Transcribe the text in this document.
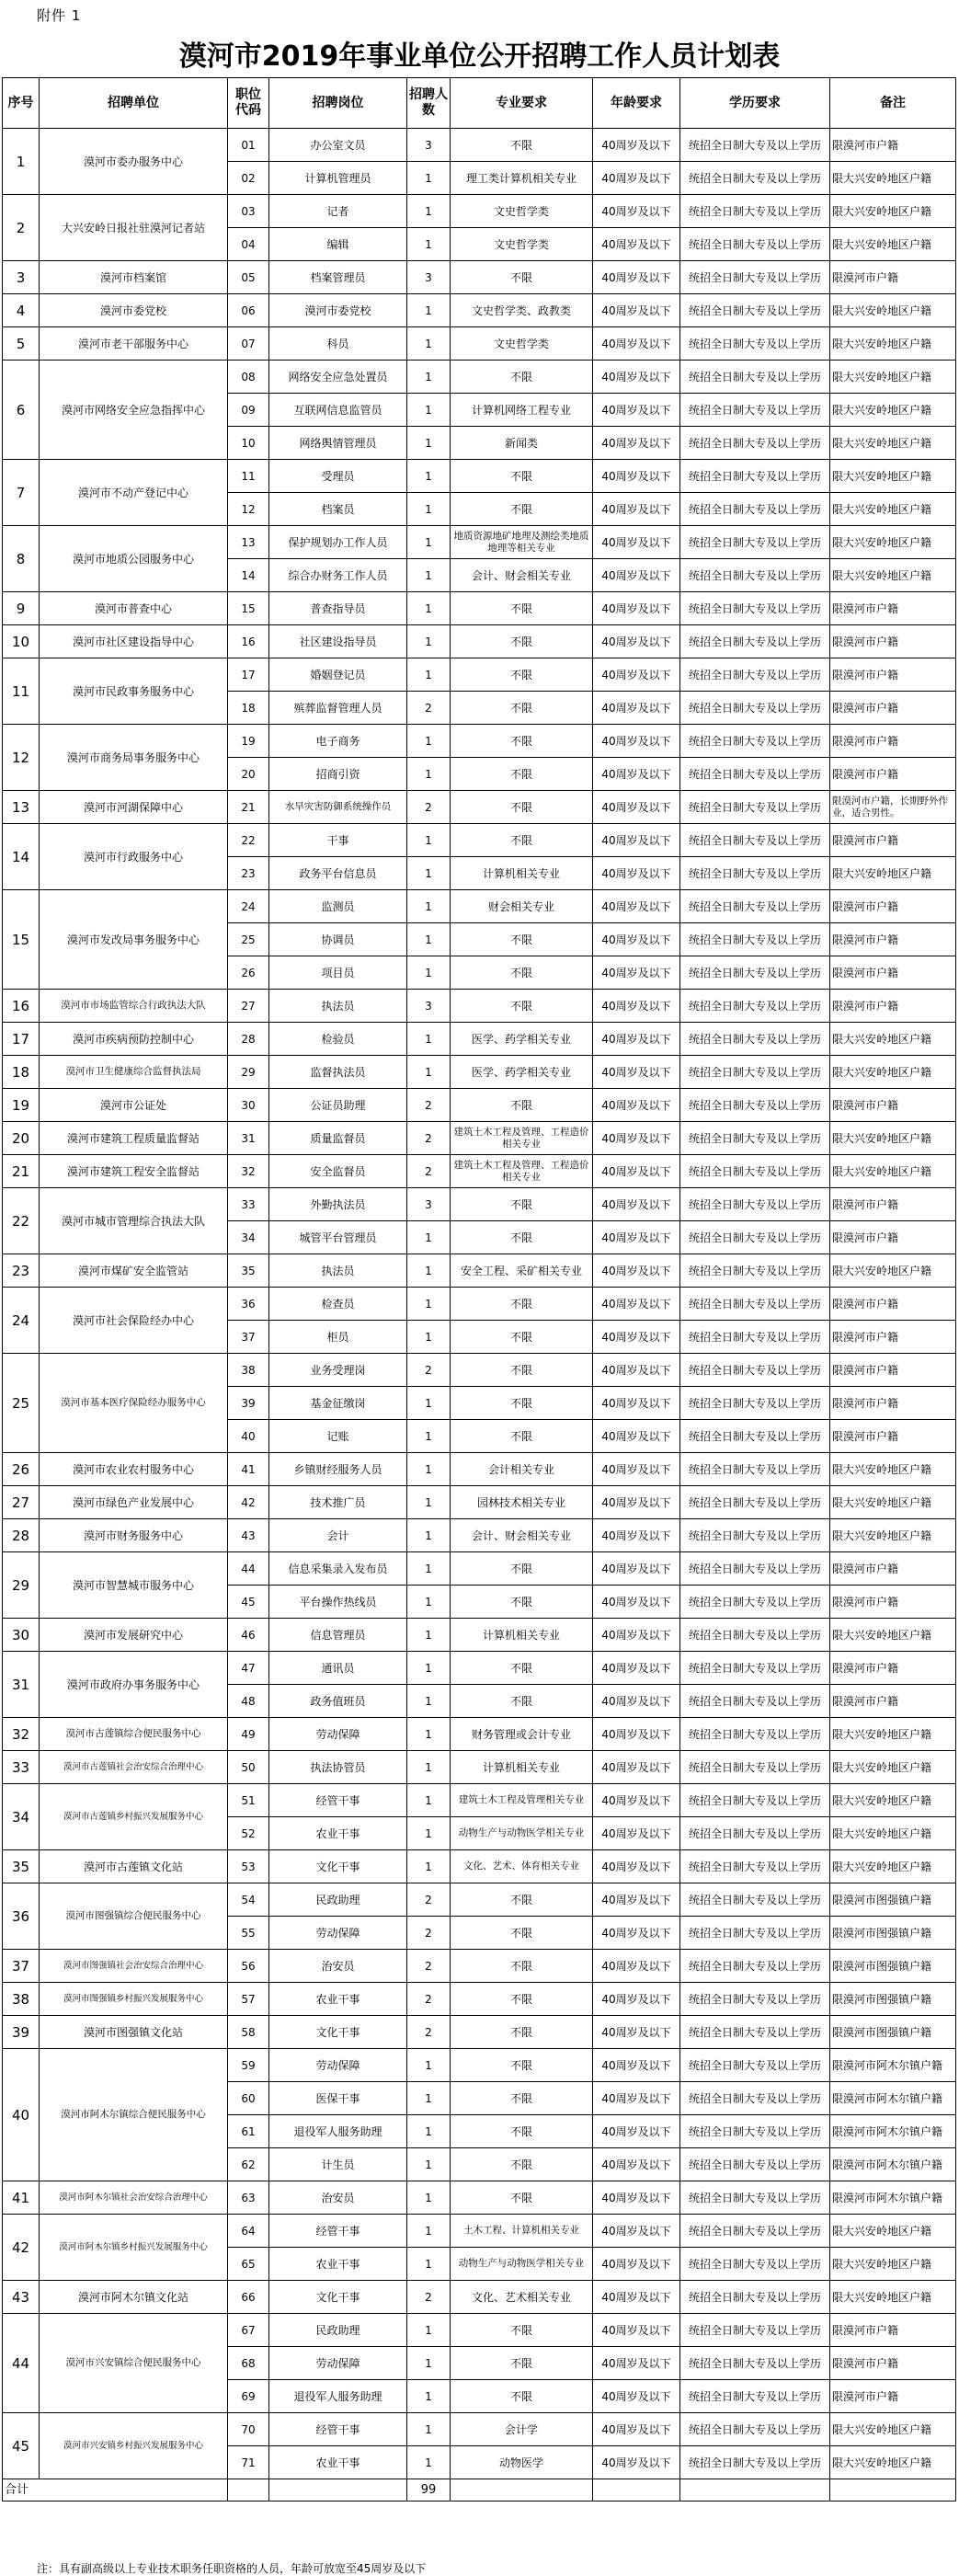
附件 1
漠河市2019年事业单位公开招聘工作人员计划表
序号	招聘单位	职位代码	招聘岗位	招聘人数	专业要求	年龄要求	学历要求	备注
1	漠河市委办服务中心	01	办公室文员	3	不限	40周岁及以下	统招全日制大专及以上学历	限漠河市户籍
		02	计算机管理员	1	理工类计算机相关专业	40周岁及以下	统招全日制大专及以上学历	限大兴安岭地区户籍
2	大兴安岭日报社驻漠河记者站	03	记者	1	文史哲学类	40周岁及以下	统招全日制大专及以上学历	限大兴安岭地区户籍
		04	编辑	1	文史哲学类	40周岁及以下	统招全日制大专及以上学历	限大兴安岭地区户籍
3	漠河市档案馆	05	档案管理员	3	不限	40周岁及以下	统招全日制大专及以上学历	限漠河市户籍
4	漠河市委党校	06	漠河市委党校	1	文史哲学类、政教类	40周岁及以下	统招全日制大专及以上学历	限大兴安岭地区户籍
5	漠河市老干部服务中心	07	科员	1	文史哲学类	40周岁及以下	统招全日制大专及以上学历	限大兴安岭地区户籍
6	漠河市网络安全应急指挥中心	08	网络安全应急处置员	1	不限	40周岁及以下	统招全日制大专及以上学历	限大兴安岭地区户籍
		09	互联网信息监管员	1	计算机网络工程专业	40周岁及以下	统招全日制大专及以上学历	限大兴安岭地区户籍
		10	网络舆情管理员	1	新闻类	40周岁及以下	统招全日制大专及以上学历	限大兴安岭地区户籍
7	漠河市不动产登记中心	11	受理员	1	不限	40周岁及以下	统招全日制大专及以上学历	限大兴安岭地区户籍
		12	档案员	1	不限	40周岁及以下	统招全日制大专及以上学历	限大兴安岭地区户籍
8	漠河市地质公园服务中心	13	保护规划办工作人员	1	地质资源地矿地理及测绘类地质地理等相关专业	40周岁及以下	统招全日制大专及以上学历	限大兴安岭地区户籍
		14	综合办财务工作人员	1	会计、财会相关专业	40周岁及以下	统招全日制大专及以上学历	限大兴安岭地区户籍
9	漠河市普查中心	15	普查指导员	1	不限	40周岁及以下	统招全日制大专及以上学历	限漠河市户籍
10	漠河市社区建设指导中心	16	社区建设指导员	1	不限	40周岁及以下	统招全日制大专及以上学历	限漠河市户籍
11	漠河市民政事务服务中心	17	婚姻登记员	1	不限	40周岁及以下	统招全日制大专及以上学历	限漠河市户籍
		18	殡葬监督管理人员	2	不限	40周岁及以下	统招全日制大专及以上学历	限漠河市户籍
12	漠河市商务局事务服务中心	19	电子商务	1	不限	40周岁及以下	统招全日制大专及以上学历	限漠河市户籍
		20	招商引资	1	不限	40周岁及以下	统招全日制大专及以上学历	限漠河市户籍
13	漠河市河湖保障中心	21	水旱灾害防御系统操作员	2	不限	40周岁及以下	统招全日制大专及以上学历	限漠河市户籍，长期野外作业，适合男性。
14	漠河市行政服务中心	22	干事	1	不限	40周岁及以下	统招全日制大专及以上学历	限漠河市户籍
		23	政务平台信息员	1	计算机相关专业	40周岁及以下	统招全日制大专及以上学历	限大兴安岭地区户籍
15	漠河市发改局事务服务中心	24	监测员	1	财会相关专业	40周岁及以下	统招全日制大专及以上学历	限漠河市户籍
		25	协调员	1	不限	40周岁及以下	统招全日制大专及以上学历	限漠河市户籍
		26	项目员	1	不限	40周岁及以下	统招全日制大专及以上学历	限漠河市户籍
16	漠河市市场监管综合行政执法大队	27	执法员	3	不限	40周岁及以下	统招全日制大专及以上学历	限漠河市户籍
17	漠河市疾病预防控制中心	28	检验员	1	医学、药学相关专业	40周岁及以下	统招全日制大专及以上学历	限大兴安岭地区户籍
18	漠河市卫生健康综合监督执法局	29	监督执法员	1	医学、药学相关专业	40周岁及以下	统招全日制大专及以上学历	限大兴安岭地区户籍
19	漠河市公证处	30	公证员助理	2	不限	40周岁及以下	统招全日制大专及以上学历	限漠河市户籍
20	漠河市建筑工程质量监督站	31	质量监督员	2	建筑土木工程及管理、工程造价相关专业	40周岁及以下	统招全日制大专及以上学历	限大兴安岭地区户籍
21	漠河市建筑工程安全监督站	32	安全监督员	2	建筑土木工程及管理、工程造价相关专业	40周岁及以下	统招全日制大专及以上学历	限大兴安岭地区户籍
22	漠河市城市管理综合执法大队	33	外勤执法员	3	不限	40周岁及以下	统招全日制大专及以上学历	限漠河市户籍
		34	城管平台管理员	1	不限	40周岁及以下	统招全日制大专及以上学历	限漠河市户籍
23	漠河市煤矿安全监管站	35	执法员	1	安全工程、采矿相关专业	40周岁及以下	统招全日制大专及以上学历	限大兴安岭地区户籍
24	漠河市社会保险经办中心	36	检查员	1	不限	40周岁及以下	统招全日制大专及以上学历	限漠河市户籍
		37	柜员	1	不限	40周岁及以下	统招全日制大专及以上学历	限漠河市户籍
25	漠河市基本医疗保险经办服务中心	38	业务受理岗	2	不限	40周岁及以下	统招全日制大专及以上学历	限漠河市户籍
		39	基金征缴岗	1	不限	40周岁及以下	统招全日制大专及以上学历	限漠河市户籍
		40	记账	1	不限	40周岁及以下	统招全日制大专及以上学历	限漠河市户籍
26	漠河市农业农村服务中心	41	乡镇财经服务人员	1	会计相关专业	40周岁及以下	统招全日制大专及以上学历	限大兴安岭地区户籍
27	漠河市绿色产业发展中心	42	技术推广员	1	园林技术相关专业	40周岁及以下	统招全日制大专及以上学历	限大兴安岭地区户籍
28	漠河市财务服务中心	43	会计	1	会计、财会相关专业	40周岁及以下	统招全日制大专及以上学历	限大兴安岭地区户籍
29	漠河市智慧城市服务中心	44	信息采集录入发布员	1	不限	40周岁及以下	统招全日制大专及以上学历	限漠河市户籍
		45	平台操作热线员	1	不限	40周岁及以下	统招全日制大专及以上学历	限漠河市户籍
30	漠河市发展研究中心	46	信息管理员	1	计算机相关专业	40周岁及以下	统招全日制大专及以上学历	限大兴安岭地区户籍
31	漠河市政府办事务服务中心	47	通讯员	1	不限	40周岁及以下	统招全日制大专及以上学历	限漠河市户籍
		48	政务值班员	1	不限	40周岁及以下	统招全日制大专及以上学历	限漠河市户籍
32	漠河市古莲镇综合便民服务中心	49	劳动保障	1	财务管理或会计专业	40周岁及以下	统招全日制大专及以上学历	限大兴安岭地区户籍
33	漠河市古莲镇社会治安综合治理中心	50	执法协管员	1	计算机相关专业	40周岁及以下	统招全日制大专及以上学历	限大兴安岭地区户籍
34	漠河市古莲镇乡村振兴发展服务中心	51	经管干事	1	建筑土木工程及管理相关专业	40周岁及以下	统招全日制大专及以上学历	限大兴安岭地区户籍
		52	农业干事	1	动物生产与动物医学相关专业	40周岁及以下	统招全日制大专及以上学历	限大兴安岭地区户籍
35	漠河市古莲镇文化站	53	文化干事	1	文化、艺术、体育相关专业	40周岁及以下	统招全日制大专及以上学历	限大兴安岭地区户籍
36	漠河市图强镇综合便民服务中心	54	民政助理	2	不限	40周岁及以下	统招全日制大专及以上学历	限漠河市图强镇户籍
		55	劳动保障	2	不限	40周岁及以下	统招全日制大专及以上学历	限漠河市图强镇户籍
37	漠河市图强镇社会治安综合治理中心	56	治安员	2	不限	40周岁及以下	统招全日制大专及以上学历	限漠河市图强镇户籍
38	漠河市图强镇乡村振兴发展服务中心	57	农业干事	2	不限	40周岁及以下	统招全日制大专及以上学历	限漠河市图强镇户籍
39	漠河市图强镇文化站	58	文化干事	2	不限	40周岁及以下	统招全日制大专及以上学历	限漠河市图强镇户籍
40	漠河市阿木尔镇综合便民服务中心	59	劳动保障	1	不限	40周岁及以下	统招全日制大专及以上学历	限漠河市阿木尔镇户籍
		60	医保干事	1	不限	40周岁及以下	统招全日制大专及以上学历	限漠河市阿木尔镇户籍
		61	退役军人服务助理	1	不限	40周岁及以下	统招全日制大专及以上学历	限漠河市阿木尔镇户籍
		62	计生员	1	不限	40周岁及以下	统招全日制大专及以上学历	限漠河市阿木尔镇户籍
41	漠河市阿木尔镇社会治安综合治理中心	63	治安员	1	不限	40周岁及以下	统招全日制大专及以上学历	限漠河市阿木尔镇户籍
42	漠河市阿木尔镇乡村振兴发展服务中心	64	经管干事	1	土木工程、计算机相关专业	40周岁及以下	统招全日制大专及以上学历	限大兴安岭地区户籍
		65	农业干事	1	动物生产与动物医学相关专业	40周岁及以下	统招全日制大专及以上学历	限大兴安岭地区户籍
43	漠河市阿木尔镇文化站	66	文化干事	2	文化、艺术相关专业	40周岁及以下	统招全日制大专及以上学历	限大兴安岭地区户籍
44	漠河市兴安镇综合便民服务中心	67	民政助理	1	不限	40周岁及以下	统招全日制大专及以上学历	限漠河市户籍
		68	劳动保障	1	不限	40周岁及以下	统招全日制大专及以上学历	限漠河市户籍
		69	退役军人服务助理	1	不限	40周岁及以下	统招全日制大专及以上学历	限漠河市户籍
45	漠河市兴安镇乡村振兴发展服务中心	70	经管干事	1	会计学	40周岁及以下	统招全日制大专及以上学历	限大兴安岭地区户籍
		71	农业干事	1	动物医学	40周岁及以下	统招全日制大专及以上学历	限大兴安岭地区户籍
合计				99				
注：具有副高级以上专业技术职务任职资格的人员，年龄可放宽至45周岁及以下
